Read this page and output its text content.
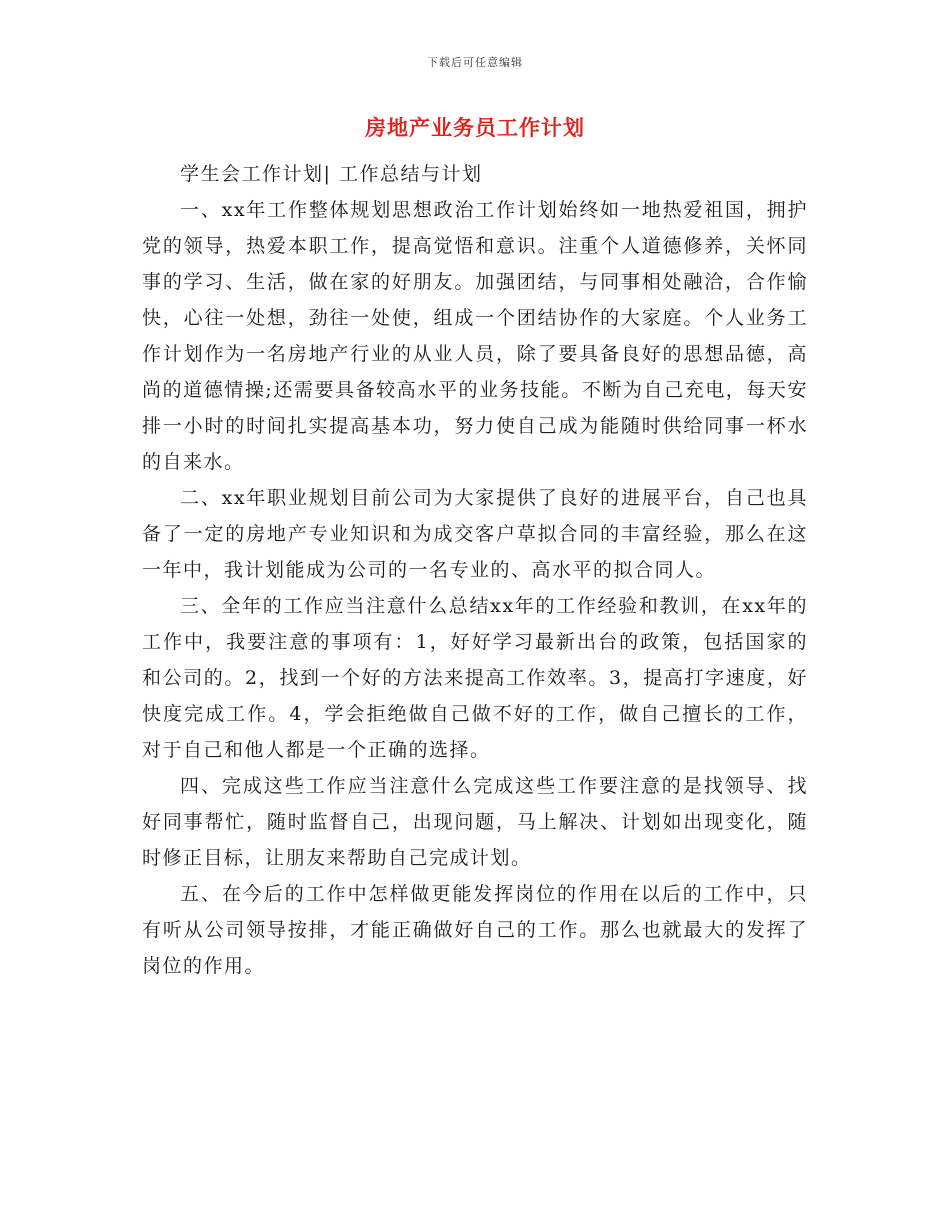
下载后可任意编辑
房地产业务员工作计划

学生会工作计划| 工作总结与计划

一、xx年工作整体规划思想政治工作计划始终如一地热爱祖国，拥护党的领导，热爱本职工作，提高觉悟和意识。注重个人道德修养，关怀同事的学习、生活，做在家的好朋友。加强团结，与同事相处融洽，合作愉快，心往一处想，劲往一处使，组成一个团结协作的大家庭。个人业务工作计划作为一名房地产行业的从业人员，除了要具备良好的思想品德，高尚的道德情操;还需要具备较高水平的业务技能。不断为自己充电，每天安排一小时的时间扎实提高基本功，努力使自己成为能随时供给同事一杯水的自来水。

二、xx年职业规划目前公司为大家提供了良好的进展平台，自己也具备了一定的房地产专业知识和为成交客户草拟合同的丰富经验，那么在这一年中，我计划能成为公司的一名专业的、高水平的拟合同人。

三、全年的工作应当注意什么总结xx年的工作经验和教训，在xx年的工作中，我要注意的事项有：1，好好学习最新出台的政策，包括国家的和公司的。2，找到一个好的方法来提高工作效率。3，提高打字速度，好快度完成工作。4，学会拒绝做自己做不好的工作，做自己擅长的工作，对于自己和他人都是一个正确的选择。

四、完成这些工作应当注意什么完成这些工作要注意的是找领导、找好同事帮忙，随时监督自己，出现问题，马上解决、计划如出现变化，随时修正目标，让朋友来帮助自己完成计划。

五、在今后的工作中怎样做更能发挥岗位的作用在以后的工作中，只有听从公司领导按排，才能正确做好自己的工作。那么也就最大的发挥了岗位的作用。
